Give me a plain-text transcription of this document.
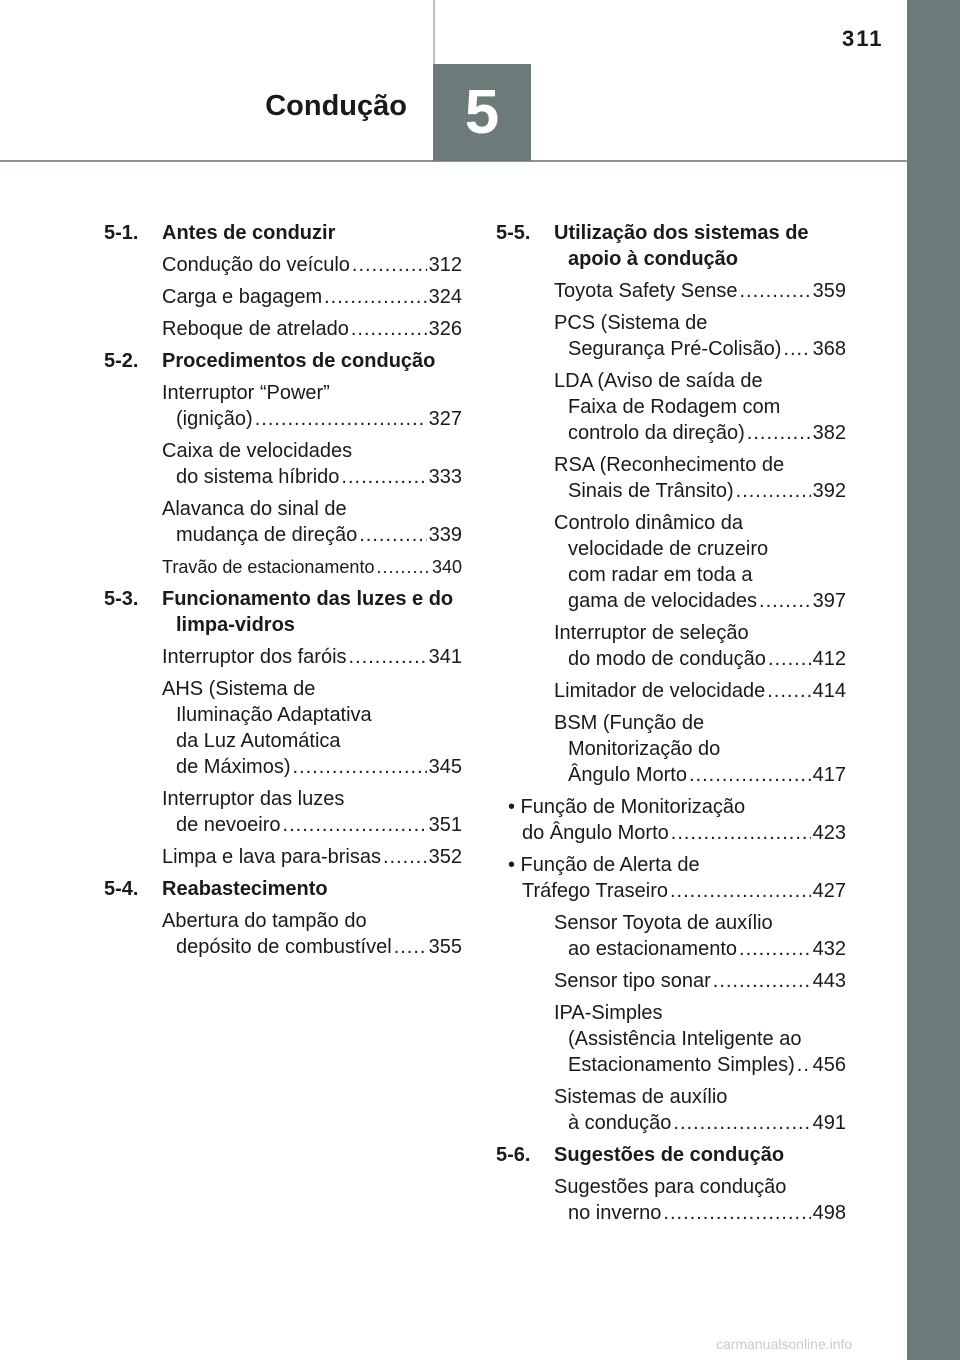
5
Condução
311
5-1.	Antes de conduzir
Condução do veículo .....	312
Carga e bagagem .....	324
Reboque de atrelado .....	326
5-2.	Procedimentos de condução
Interruptor “Power”
(ignição) .....	327
Caixa de velocidades
do sistema híbrido .....	333
Alavanca do sinal de
mudança de direção .....	339
Travão de estacionamento .....	340
5-3.	Funcionamento das luzes e do limpa-vidros
Interruptor dos faróis .....	341
AHS (Sistema de
Iluminação Adaptativa
da Luz Automática
de Máximos) .....	345
Interruptor das luzes
de nevoeiro .....	351
Limpa e lava para-brisas ..... 352
5-4.	Reabastecimento
Abertura do tampão do
depósito de combustível ..... 355
5-5.	Utilização dos sistemas de apoio à condução
Toyota Safety Sense .....	359
PCS (Sistema de
Segurança Pré-Colisão) ..... 368
LDA (Aviso de saída de
Faixa de Rodagem com
controlo da direção) .....	382
RSA (Reconhecimento de
Sinais de Trânsito) .....	392
Controlo dinâmico da
velocidade de cruzeiro
com radar em toda a
gama de velocidades .....	397
Interruptor de seleção
do modo de condução ..... 412
Limitador de velocidade ..... 414
BSM (Função de
Monitorização do
Ângulo Morto .....	417
• Função de Monitorização
do Ângulo Morto .....	423
• Função de Alerta de
Tráfego Traseiro .....	427
Sensor Toyota de auxílio
ao estacionamento .....	432
Sensor tipo sonar .....	443
IPA-Simples
(Assistência Inteligente ao
Estacionamento Simples) ..... 456
Sistemas de auxílio
à condução .....	491
5-6.	Sugestões de condução
Sugestões para condução
no inverno .....	498
carmanualsonline.info
